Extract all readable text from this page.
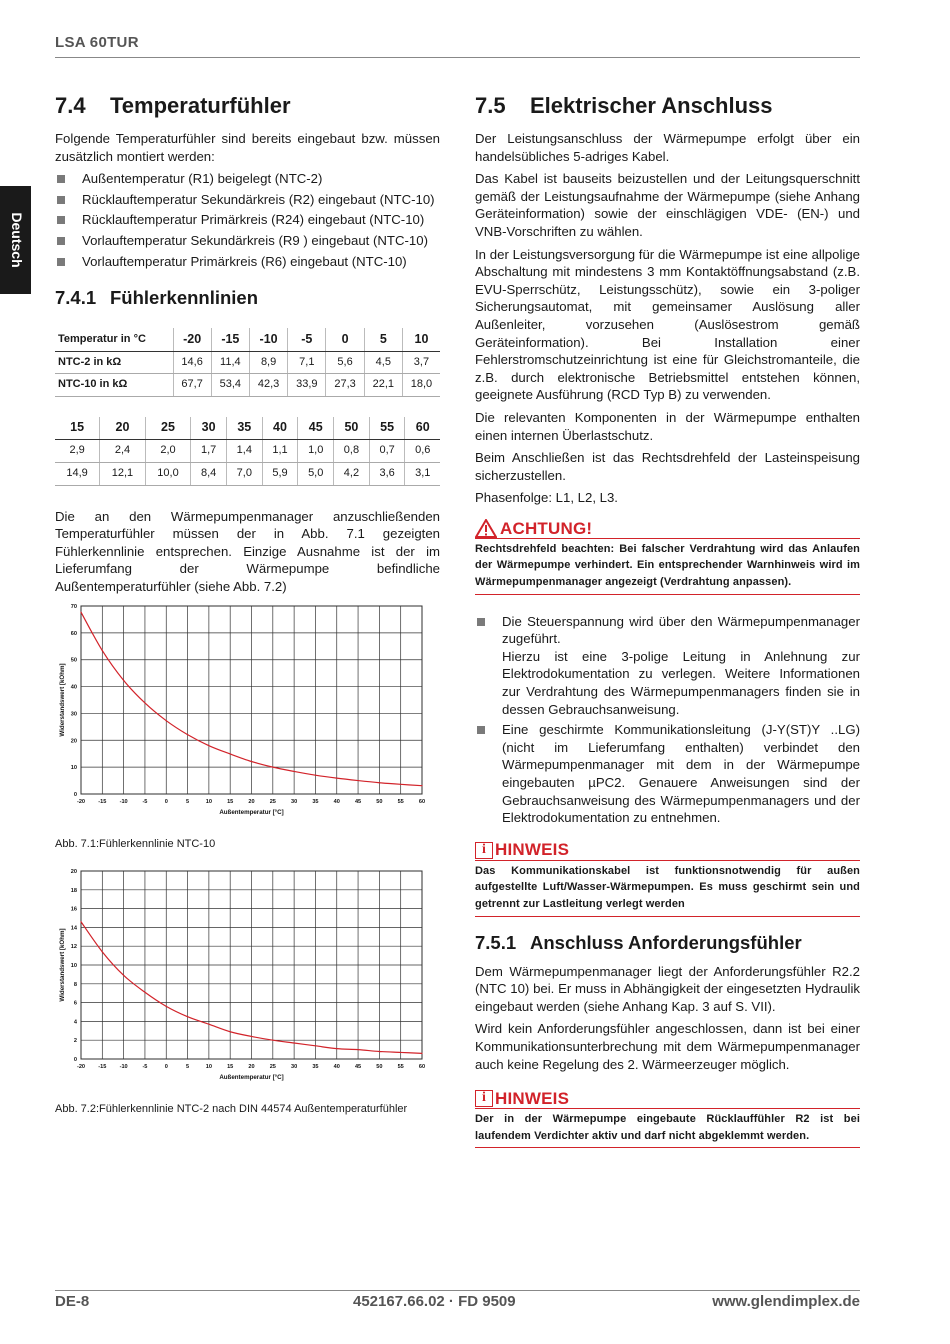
LSA 60TUR
Deutsch
7.4 Temperaturfühler

Folgende Temperaturfühler sind bereits eingebaut bzw. müssen zusätzlich montiert werden:

Außentemperatur (R1) beigelegt (NTC-2)
Rücklauftemperatur Sekundärkreis (R2) eingebaut (NTC-10)
Rücklauftemperatur Primärkreis (R24) eingebaut (NTC-10)
Vorlauftemperatur Sekundärkreis (R9 ) eingebaut (NTC-10)
Vorlauftemperatur Primärkreis (R6) eingebaut (NTC-10)
7.4.1 Fühlerkennlinien
Temperatur in °C	-20	-15	-10	-5	0	5	10
NTC-2 in kΩ	14,6	11,4	8,9	7,1	5,6	4,5	3,7
NTC-10 in kΩ	67,7	53,4	42,3	33,9	27,3	22,1	18,0
15	20	25	30	35	40	45	50	55	60
2,9	2,4	2,0	1,7	1,4	1,1	1,0	0,8	0,7	0,6
14,9	12,1	10,0	8,4	7,0	5,9	5,0	4,2	3,6	3,1

Die an den Wärmepumpenmanager anzuschließenden Temperaturfühler müssen der in Abb. 7.1 gezeigten Fühlerkennlinie entsprechen. Einzige Ausnahme ist der im Lieferumfang der Wärmepumpe befindliche Außentemperaturfühler (siehe Abb. 7.2)

-20 -15 -10	-5	0	5	10	15	20	25	30	35	40	45	50	55	60
0
10
20
30
40
50
60
70
Außentemperatur [°C]
Widerstandswert [kOhm]
Abb. 7.1:Fühlerkennlinie NTC-10
-20 -15 -10	-5	0	5	10	15	20	25	30	35	40	45	50	55	60
0
2
4
6
8
10
12
14
16
18
20
Außentemperatur [°C]
Widerstandswert [kOhm]
Abb. 7.2:Fühlerkennlinie NTC-2 nach DIN 44574 Außentemperaturfühler
7.5 Elektrischer Anschluss

Der Leistungsanschluss der Wärmepumpe erfolgt über ein handelsübliches 5-adriges Kabel.

Das Kabel ist bauseits beizustellen und der Leitungsquerschnitt gemäß der Leistungsaufnahme der Wärmepumpe (siehe Anhang Geräteinformation) sowie der einschlägigen VDE- (EN-) und VNB-Vorschriften zu wählen.

In der Leistungsversorgung für die Wärmepumpe ist eine allpolige Abschaltung mit mindestens 3 mm Kontaktöffnungsabstand (z.B. EVU-Sperrschütz, Leistungsschütz), sowie ein 3-poliger Sicherungsautomat, mit gemeinsamer Auslösung aller Außenleiter, vorzusehen (Auslösestrom gemäß Geräteinformation). Bei Installation einer Fehlerstromschutzeinrichtung ist eine für Gleichstromanteile, die z.B. durch elektronische Betriebsmittel entstehen können, geeignete Ausführung (RCD Typ B) zu verwenden.

Die relevanten Komponenten in der Wärmepumpe enthalten einen internen Überlastschutz.

Beim Anschließen ist das Rechtsdrehfeld der Lasteinspeisung sicherzustellen.

Phasenfolge: L1, L2, L3.

ACHTUNG!
Rechtsdrehfeld beachten: Bei falscher Verdrahtung wird das Anlaufen der Wärmepumpe verhindert. Ein entsprechender Warnhinweis wird im Wärmepumpenmanager angezeigt (Verdrahtung anpassen).
Die Steuerspannung wird über den Wärmepumpenmanager zugeführt.
Hierzu ist eine 3-polige Leitung in Anlehnung zur Elektrodokumentation zu verlegen. Weitere Informationen zur Verdrahtung des Wärmepumpenmanagers finden sie in dessen Gebrauchsanweisung.
Eine geschirmte Kommunikationsleitung (J-Y(ST)Y ..LG) (nicht im Lieferumfang enthalten) verbindet den Wärmepumpenmanager mit dem in der Wärmepumpe eingebauten µPC2. Genauere Anweisungen sind der Gebrauchsanweisung des Wärmepumpenmanagers und der Elektrodokumentation zu entnehmen.
i HINWEIS
Das Kommunikationskabel ist funktionsnotwendig für außen aufgestellte Luft/Wasser-Wärmepumpen. Es muss geschirmt sein und getrennt zur Lastleitung verlegt werden
7.5.1 Anschluss Anforderungsfühler

Dem Wärmepumpenmanager liegt der Anforderungsfühler R2.2 (NTC 10) bei. Er muss in Abhängigkeit der eingesetzten Hydraulik eingebaut werden (siehe Anhang Kap. 3 auf S. VII).

Wird kein Anforderungsfühler angeschlossen, dann ist bei einer Kommunikationsunterbrechung mit dem Wärmepumpenmanager auch keine Regelung des 2. Wärmeerzeuger möglich.

i HINWEIS
Der in der Wärmepumpe eingebaute Rücklauffühler R2 ist bei laufendem Verdichter aktiv und darf nicht abgeklemmt werden.
DE-8	452167.66.02 · FD 9509	www.glendimplex.de
